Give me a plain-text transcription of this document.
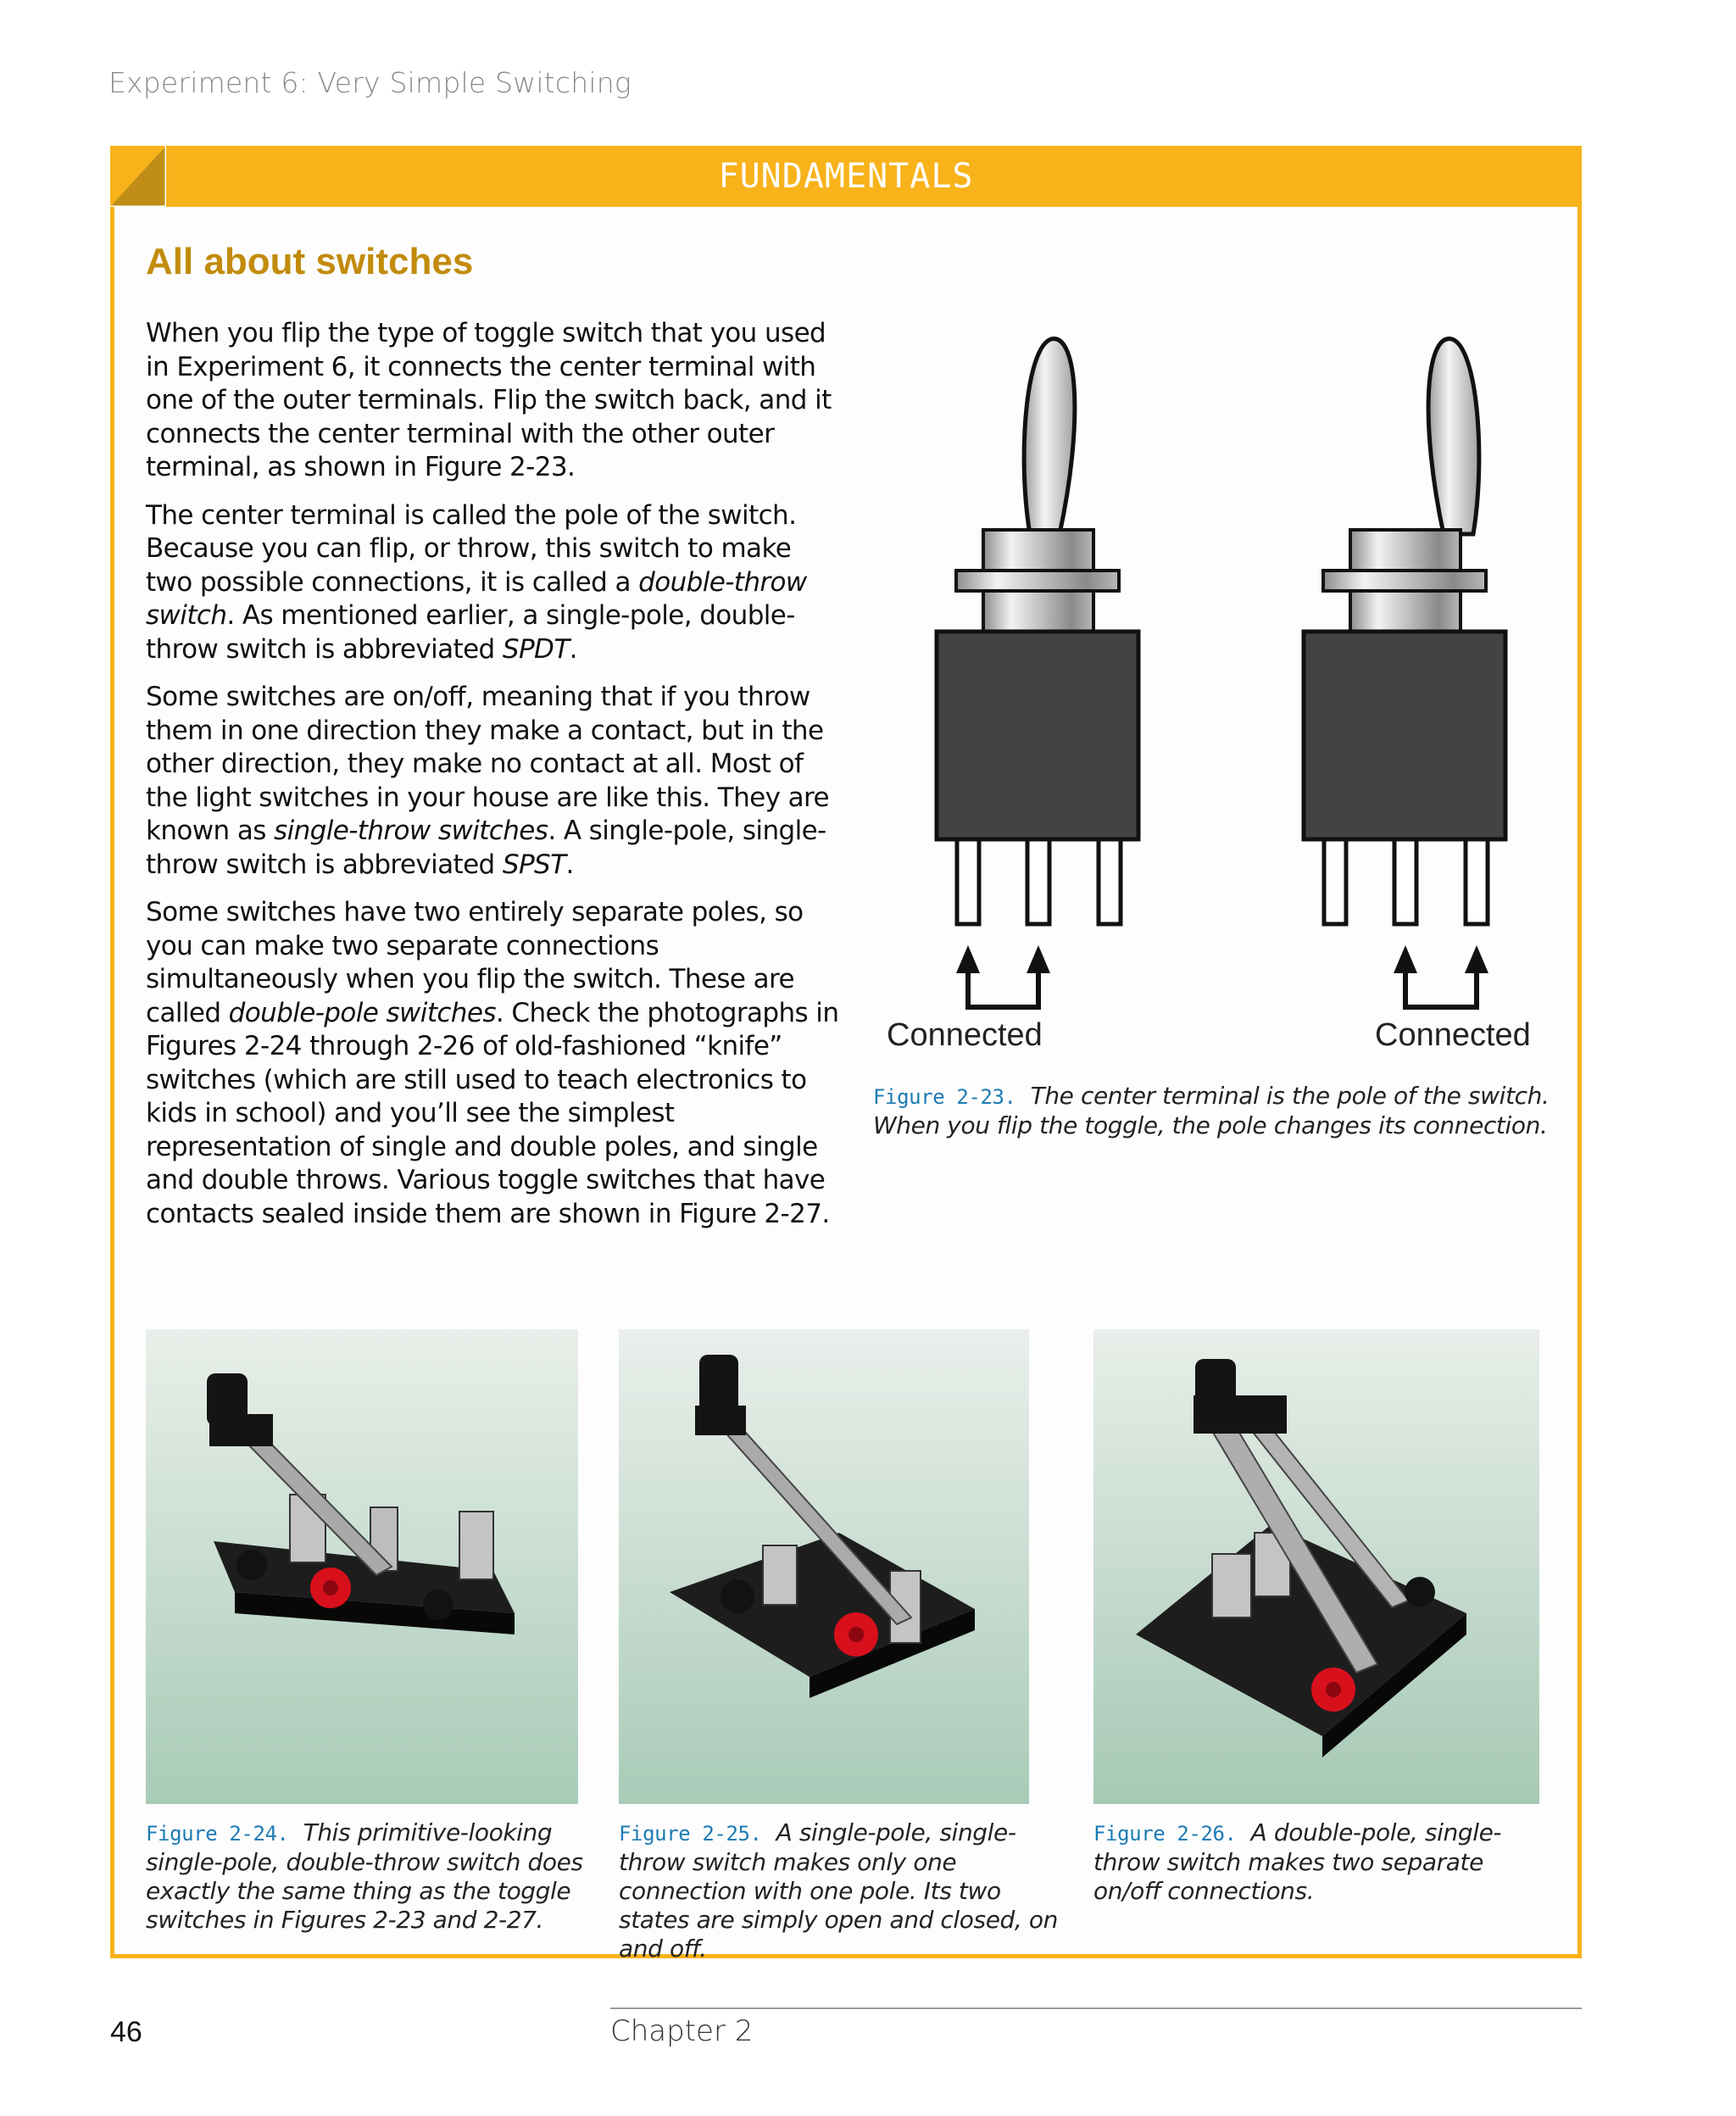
Experiment 6: Very Simple Switching
FUNDAMENTALS
All about switches

When you flip the type of toggle switch that you used in Experiment 6, it connects the center terminal with one of the outer terminals. Flip the switch back, and it connects the center terminal with the other outer terminal, as shown in Figure 2-23.

The center terminal is called the pole of the switch. Because you can flip, or throw, this switch to make two possible connections, it is called a double-throw switch. As mentioned earlier, a single-pole, double-throw switch is abbreviated SPDT.

Some switches are on/off, meaning that if you throw them in one direction they make a contact, but in the other direction, they make no contact at all. Most of the light switches in your house are like this. They are known as single-throw switches. A single-pole, single-throw switch is abbreviated SPST.

Some switches have two entirely separate poles, so you can make two separate connections simultaneously when you flip the switch. These are called double-pole switches. Check the photographs in Figures 2-24 through 2-26 of old-fashioned “knife” switches (which are still used to teach electronics to kids in school) and you’ll see the simplest representation of single and double poles, and single and double throws. Various toggle switches that have contacts sealed inside them are shown in Figure 2-27.

Connected	Connected
Figure 2-23. The center terminal is the pole of the switch. When you flip the toggle, the pole changes its connection.
Figure 2-24. This primitive-looking single-pole, double-throw switch does exactly the same thing as the toggle switches in Figures 2-23 and 2-27.
Figure 2-25. A single-pole, single-throw switch makes only one connection with one pole. Its two states are simply open and closed, on and off.
Figure 2-26. A double-pole, single-throw switch makes two separate on/off connections.
46	Chapter 2
